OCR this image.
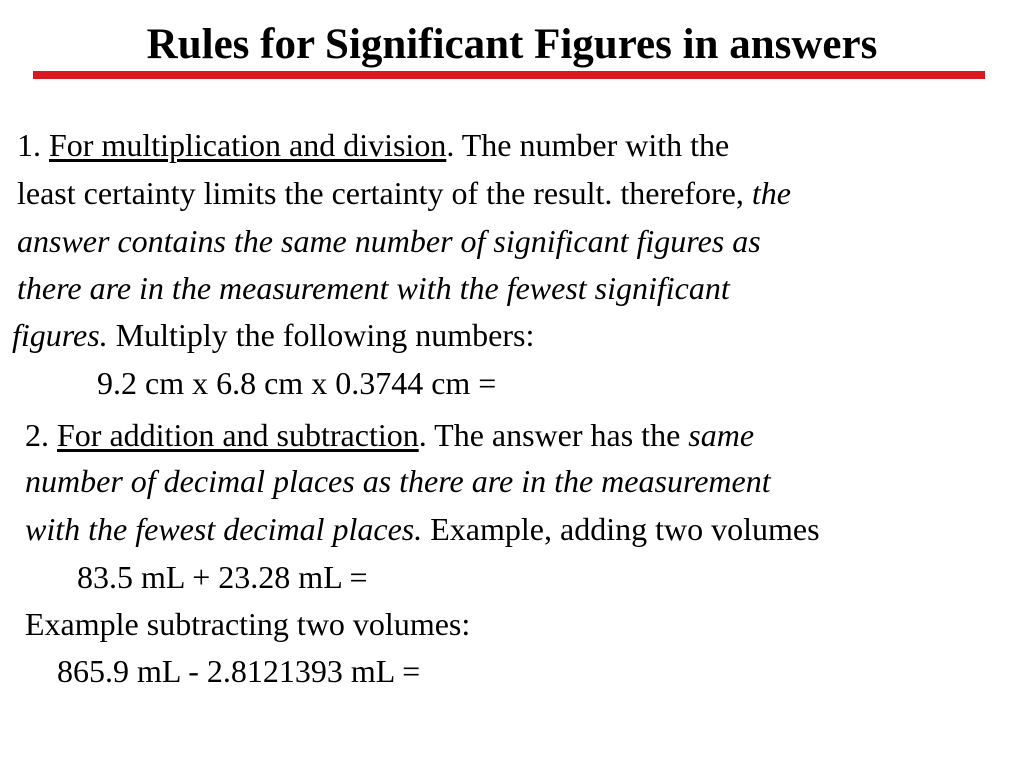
Rules for Significant Figures in answers

1. For multiplication and division. The number with the

least certainty limits the certainty of the result. therefore, the

answer contains the same number of significant figures as

there are in the measurement with the fewest significant

figures. Multiply the following numbers:

9.2 cm x 6.8 cm x 0.3744 cm =

2. For addition and subtraction. The answer has the same

number of decimal places as there are in the measurement

with the fewest decimal places. Example, adding two volumes

83.5 mL + 23.28 mL =

Example subtracting two volumes:

865.9 mL - 2.8121393 mL =
